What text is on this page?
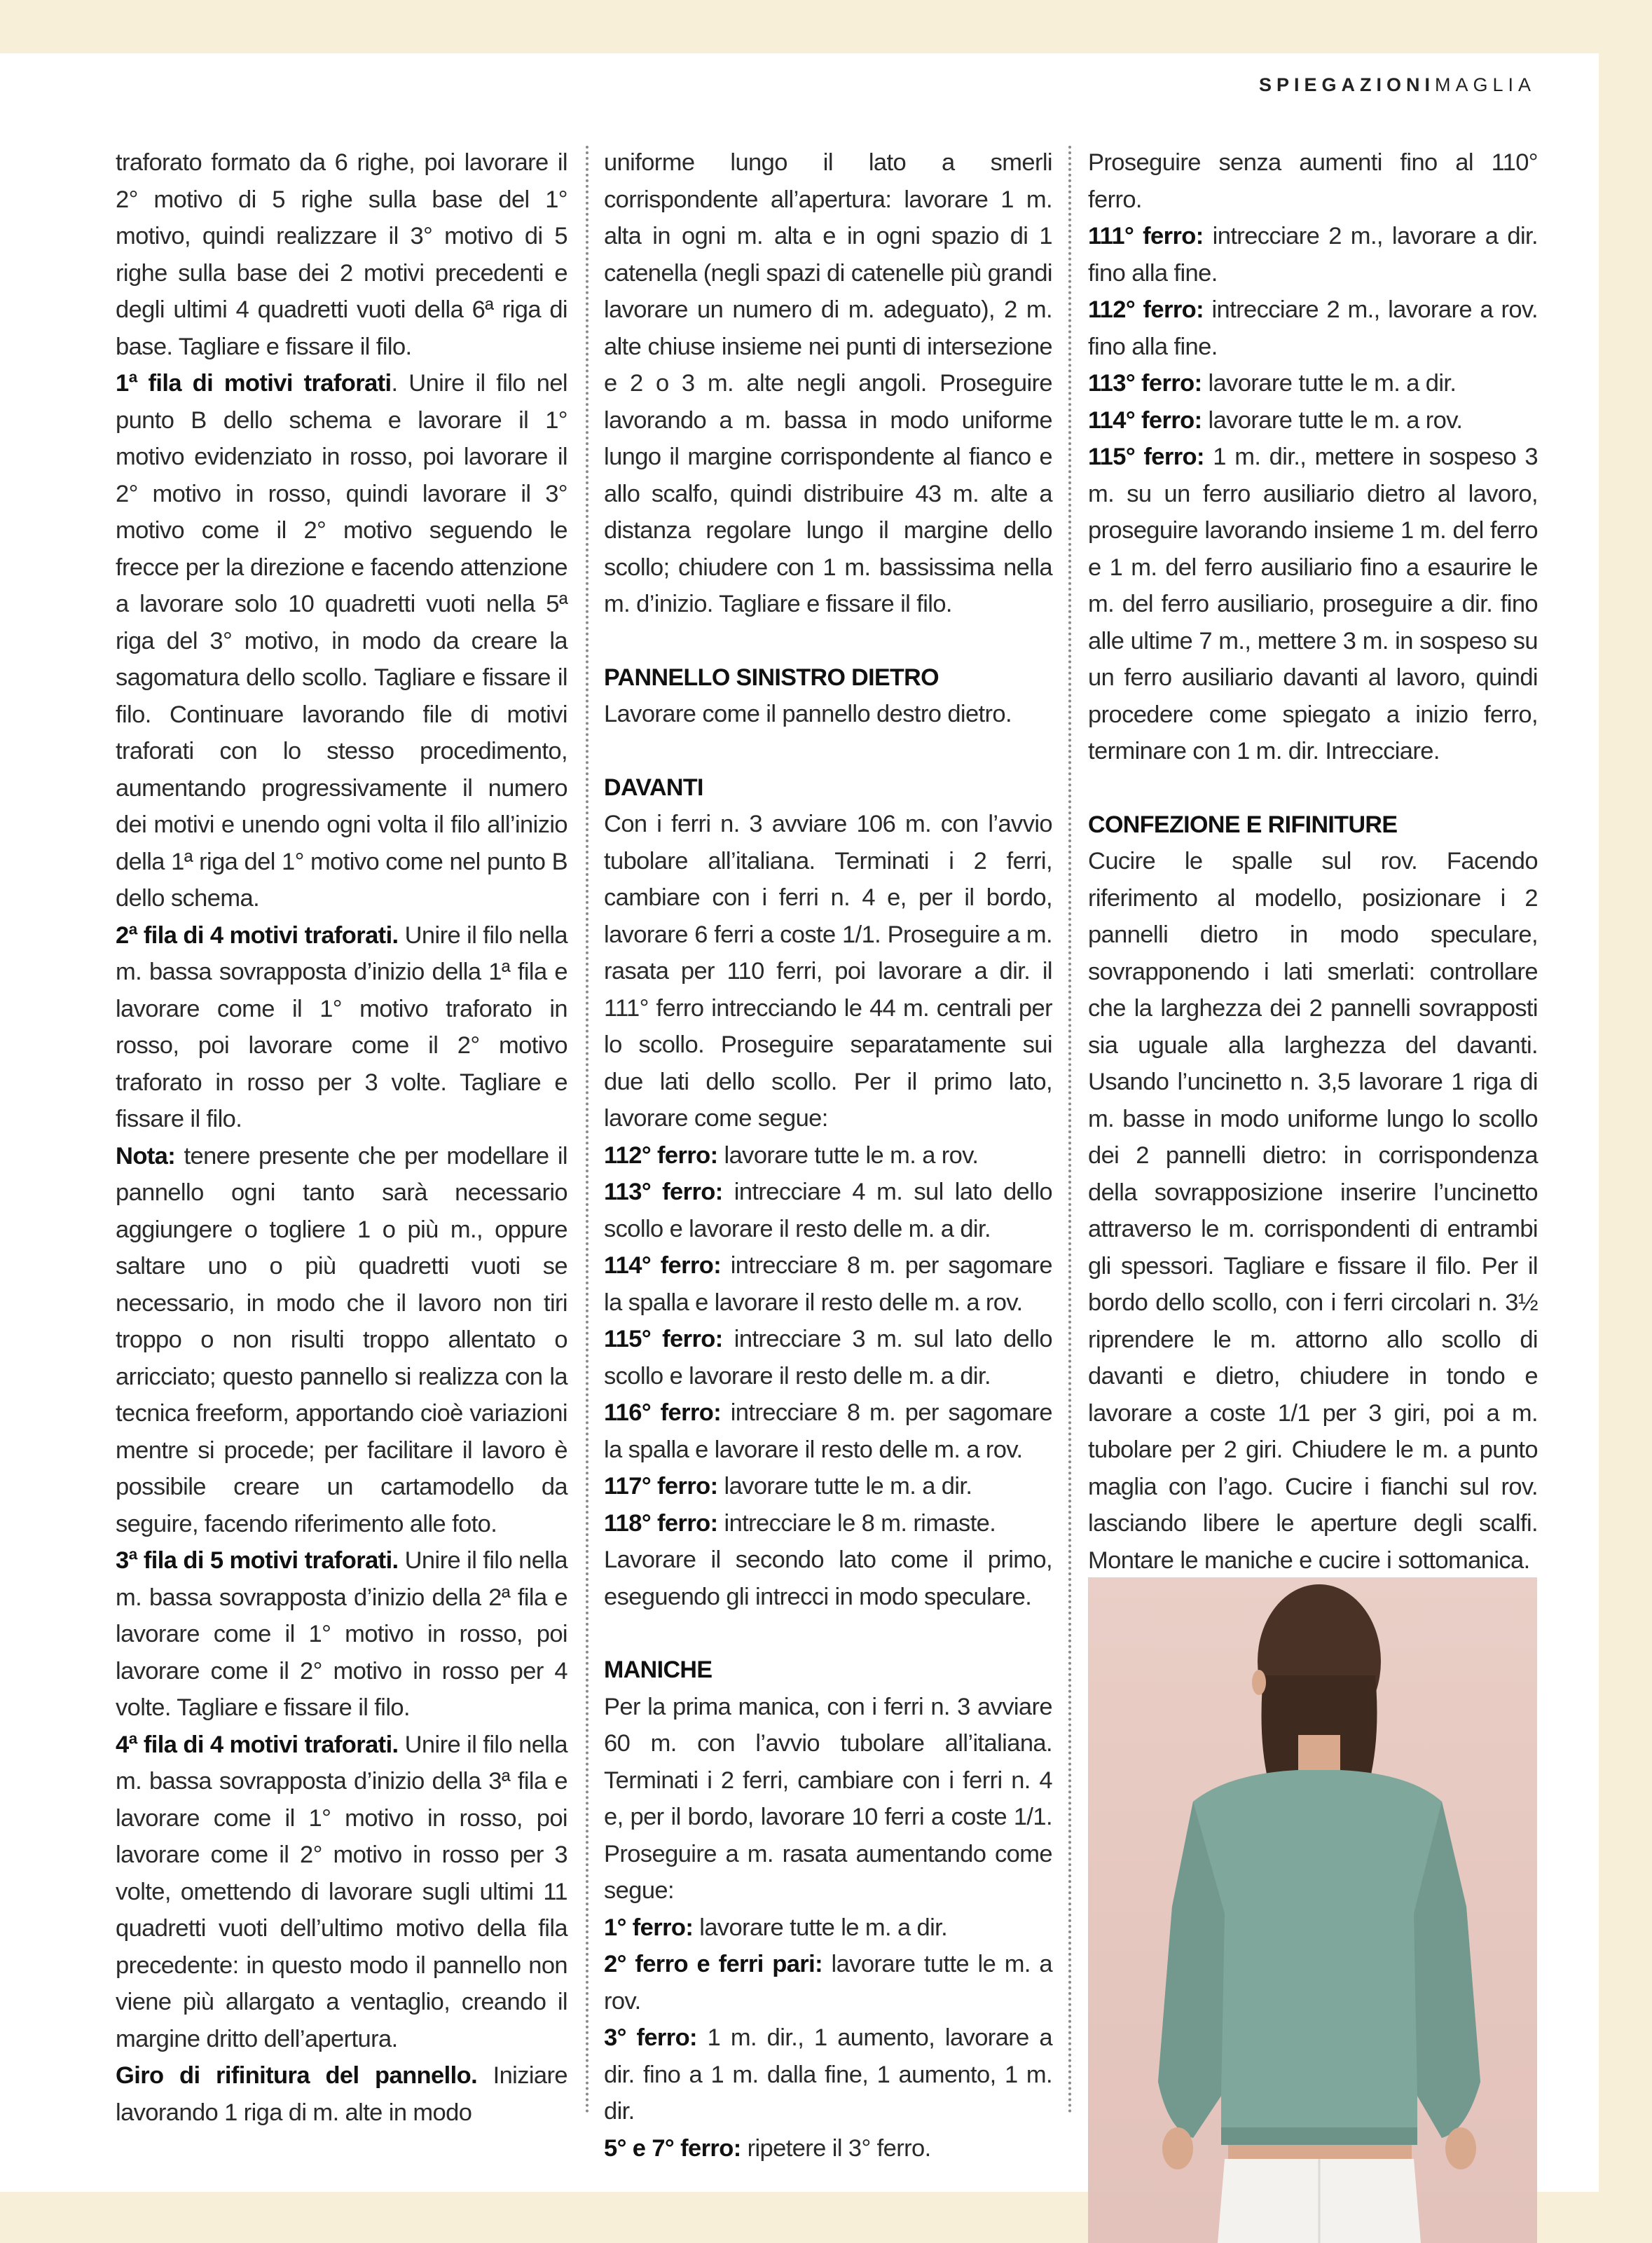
SPIEGAZIONIMAGLIA

traforato formato da 6 righe, poi lavorare il 2° motivo di 5 righe sulla base del 1° motivo, quindi realizzare il 3° motivo di 5 righe sulla base dei 2 motivi precedenti e degli ultimi 4 quadretti vuoti della 6ª riga di base. Tagliare e fissare il filo.

1ª fila di motivi traforati. Unire il filo nel punto B dello schema e lavorare il 1° motivo evidenziato in rosso, poi lavorare il 2° motivo in rosso, quindi lavorare il 3° motivo come il 2° motivo seguendo le frecce per la direzione e facendo attenzione a lavorare solo 10 quadretti vuoti nella 5ª riga del 3° motivo, in modo da creare la sagomatura dello scollo. Tagliare e fissare il filo. Continuare lavorando file di motivi traforati con lo stesso procedimento, aumentando progressivamente il numero dei motivi e unendo ogni volta il filo all’inizio della 1ª riga del 1° motivo come nel punto B dello schema.

2ª fila di 4 motivi traforati. Unire il filo nella m. bassa sovrapposta d’inizio della 1ª fila e lavorare come il 1° motivo traforato in rosso, poi lavorare come il 2° motivo traforato in rosso per 3 volte. Tagliare e fissare il filo.

Nota: tenere presente che per modellare il pannello ogni tanto sarà necessario aggiungere o togliere 1 o più m., oppure saltare uno o più quadretti vuoti se necessario, in modo che il lavoro non tiri troppo o non risulti troppo allentato o arricciato; questo pannello si realizza con la tecnica freeform, apportando cioè variazioni mentre si procede; per facilitare il lavoro è possibile creare un cartamodello da seguire, facendo riferimento alle foto.

3ª fila di 5 motivi traforati. Unire il filo nella m. bassa sovrapposta d’inizio della 2ª fila e lavorare come il 1° motivo in rosso, poi lavorare come il 2° motivo in rosso per 4 volte. Tagliare e fissare il filo.

4ª fila di 4 motivi traforati. Unire il filo nella m. bassa sovrapposta d’inizio della 3ª fila e lavorare come il 1° motivo in rosso, poi lavorare come il 2° motivo in rosso per 3 volte, omettendo di lavorare sugli ultimi 11 quadretti vuoti dell’ultimo motivo della fila precedente: in questo modo il pannello non viene più allargato a ventaglio, creando il margine dritto dell’apertura.

Giro di rifinitura del pannello. Iniziare lavorando 1 riga di m. alte in modo

uniforme lungo il lato a smerli corrispondente all’apertura: lavorare 1 m. alta in ogni m. alta e in ogni spazio di 1 catenella (negli spazi di catenelle più grandi lavorare un numero di m. adeguato), 2 m. alte chiuse insieme nei punti di intersezione e 2 o 3 m. alte negli angoli. Proseguire lavorando a m. bassa in modo uniforme lungo il margine corrispondente al fianco e allo scalfo, quindi distribuire 43 m. alte a distanza regolare lungo il margine dello scollo; chiudere con 1 m. bassissima nella m. d’inizio. Tagliare e fissare il filo.

PANNELLO SINISTRO DIETRO

Lavorare come il pannello destro dietro.

DAVANTI

Con i ferri n. 3 avviare 106 m. con l’avvio tubolare all’italiana. Terminati i 2 ferri, cambiare con i ferri n. 4 e, per il bordo, lavorare 6 ferri a coste 1/1. Proseguire a m. rasata per 110 ferri, poi lavorare a dir. il 111° ferro intrecciando le 44 m. centrali per lo scollo. Proseguire separatamente sui due lati dello scollo. Per il primo lato, lavorare come segue:

112° ferro: lavorare tutte le m. a rov.

113° ferro: intrecciare 4 m. sul lato dello scollo e lavorare il resto delle m. a dir.

114° ferro: intrecciare 8 m. per sagomare la spalla e lavorare il resto delle m. a rov.

115° ferro: intrecciare 3 m. sul lato dello scollo e lavorare il resto delle m. a dir.

116° ferro: intrecciare 8 m. per sagomare la spalla e lavorare il resto delle m. a rov.

117° ferro: lavorare tutte le m. a dir.

118° ferro: intrecciare le 8 m. rimaste.

Lavorare il secondo lato come il primo, eseguendo gli intrecci in modo speculare.

MANICHE

Per la prima manica, con i ferri n. 3 avviare 60 m. con l’avvio tubolare all’italiana. Terminati i 2 ferri, cambiare con i ferri n. 4 e, per il bordo, lavorare 10 ferri a coste 1/1. Proseguire a m. rasata aumentando come segue:

1° ferro: lavorare tutte le m. a dir.

2° ferro e ferri pari: lavorare tutte le m. a rov.

3° ferro: 1 m. dir., 1 aumento, lavorare a dir. fino a 1 m. dalla fine, 1 aumento, 1 m. dir.

5° e 7° ferro: ripetere il 3° ferro.

Proseguire senza aumenti fino al 110° ferro.

111° ferro: intrecciare 2 m., lavorare a dir. fino alla fine.

112° ferro: intrecciare 2 m., lavorare a rov. fino alla fine.

113° ferro: lavorare tutte le m. a dir.

114° ferro: lavorare tutte le m. a rov.

115° ferro: 1 m. dir., mettere in sospeso 3 m. su un ferro ausiliario dietro al lavoro, proseguire lavorando insieme 1 m. del ferro e 1 m. del ferro ausiliario fino a esaurire le m. del ferro ausiliario, proseguire a dir. fino alle ultime 7 m., mettere 3 m. in sospeso su un ferro ausiliario davanti al lavoro, quindi procedere come spiegato a inizio ferro, terminare con 1 m. dir. Intrecciare.

CONFEZIONE E RIFINITURE

Cucire le spalle sul rov. Facendo riferimento al modello, posizionare i 2 pannelli dietro in modo speculare, sovrapponendo i lati smerlati: controllare che la larghezza dei 2 pannelli sovrapposti sia uguale alla larghezza del davanti. Usando l’uncinetto n. 3,5 lavorare 1 riga di m. basse in modo uniforme lungo lo scollo dei 2 pannelli dietro: in corrispondenza della sovrapposizione inserire l’uncinetto attraverso le m. corrispondenti di entrambi gli spessori. Tagliare e fissare il filo. Per il bordo dello scollo, con i ferri circolari n. 3½ riprendere le m. attorno allo scollo di davanti e dietro, chiudere in tondo e lavorare a coste 1/1 per 3 giri, poi a m. tubolare per 2 giri. Chiudere le m. a punto maglia con l’ago. Cucire i fianchi sul rov. lasciando libere le aperture degli scalfi. Montare le maniche e cucire i sottomanica.
